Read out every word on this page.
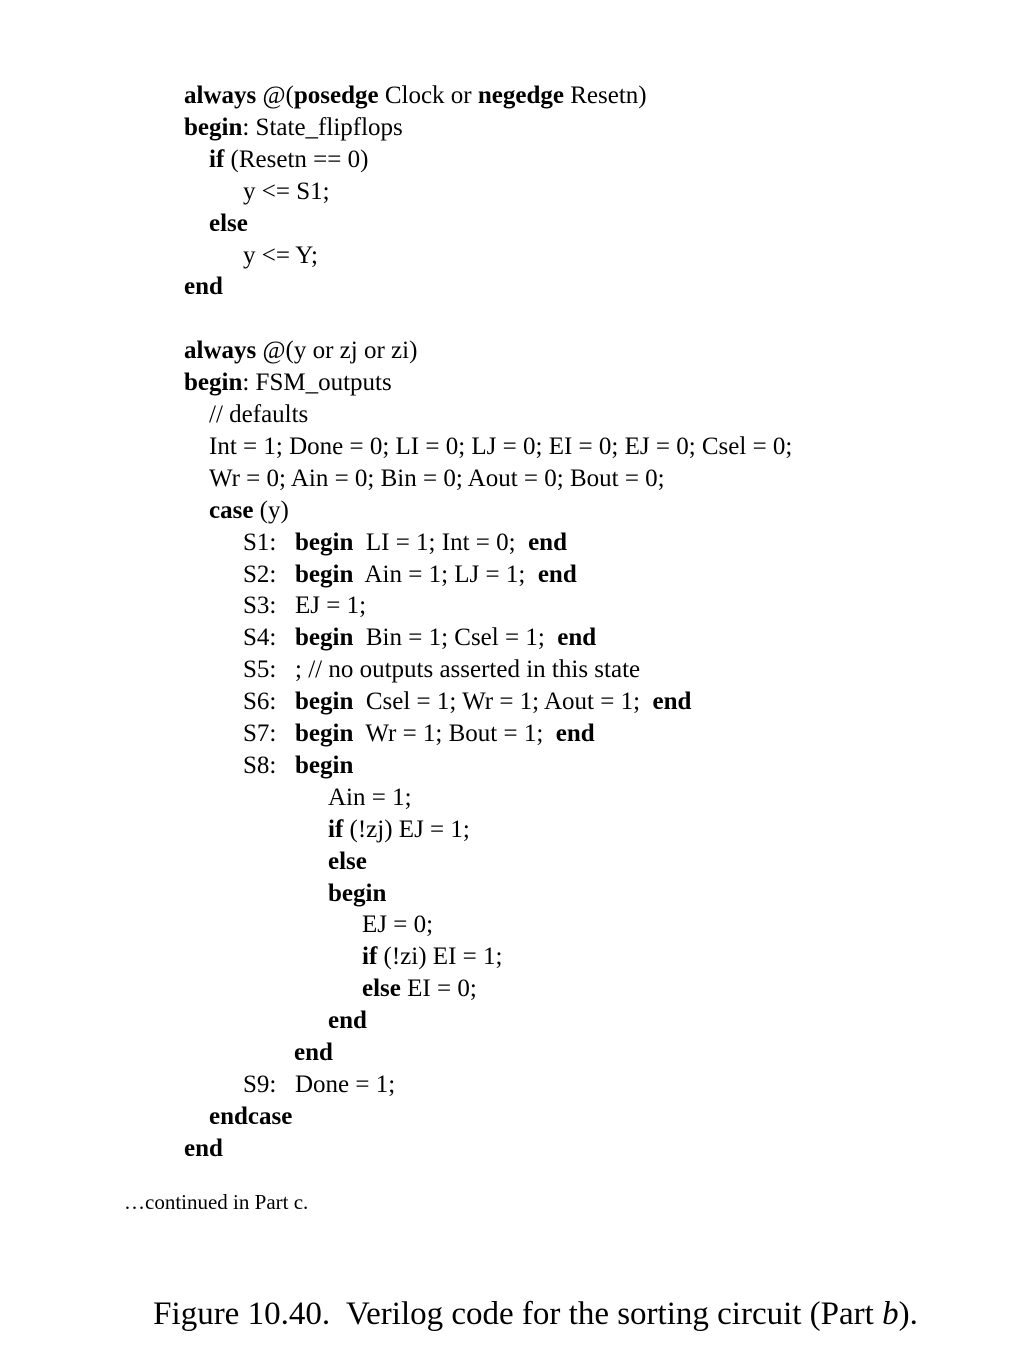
always @(posedge Clock or negedge Resetn)
begin: State_flipflops
if (Resetn == 0)
y <= S1;
else
y <= Y;
end
always @(y or zj or zi)
begin: FSM_outputs
// defaults
Int = 1; Done = 0; LI = 0; LJ = 0; EI = 0; EJ = 0; Csel = 0;
Wr = 0; Ain = 0; Bin = 0; Aout = 0; Bout = 0;
case (y)
S1: begin  LI = 1; Int = 0;  end
S2: begin  Ain = 1; LJ = 1;  end
S3: EJ = 1;
S4: begin  Bin = 1; Csel = 1;  end
S5: ; // no outputs asserted in this state
S6: begin  Csel = 1; Wr = 1; Aout = 1;  end
S7: begin  Wr = 1; Bout = 1;  end
S8: begin
Ain = 1;
if (!zj) EJ = 1;
else
begin
EJ = 0;
if (!zi) EI = 1;
else EI = 0;
end
end
S9: Done = 1;
endcase
end
…continued in Part c.
Figure 10.40.  Verilog code for the sorting circuit (Part b).
